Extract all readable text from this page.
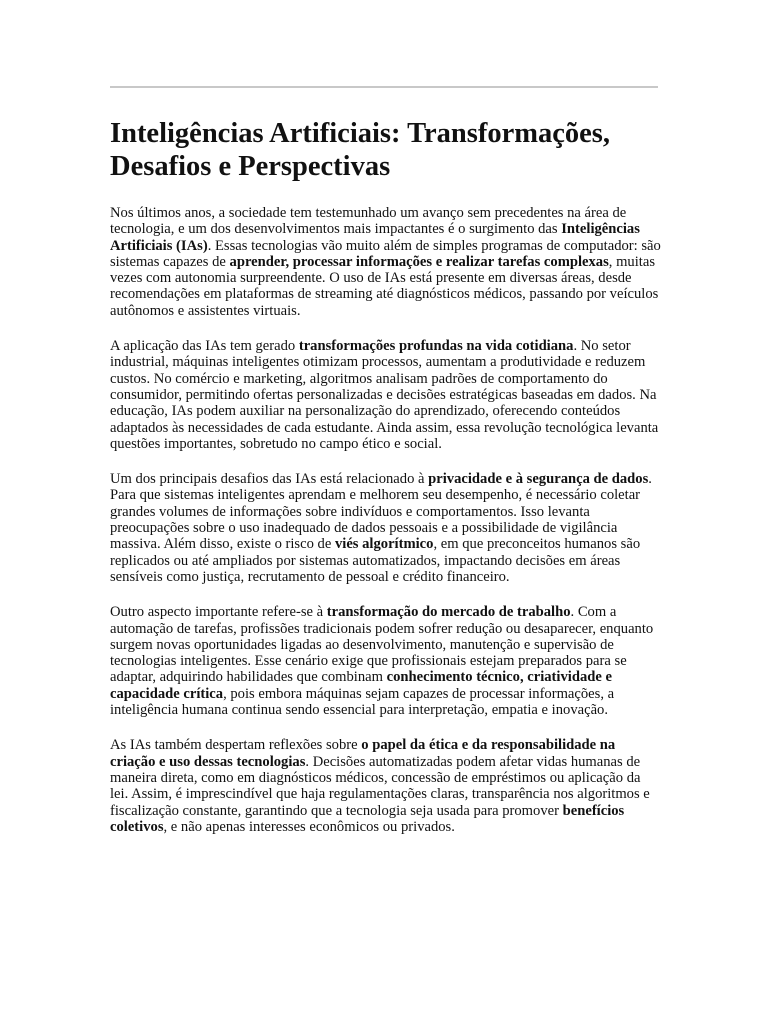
Inteligências Artificiais: Transformações, Desafios e Perspectivas

Nos últimos anos, a sociedade tem testemunhado um avanço sem precedentes na área de tecnologia, e um dos desenvolvimentos mais impactantes é o surgimento das Inteligências Artificiais (IAs). Essas tecnologias vão muito além de simples programas de computador: são sistemas capazes de aprender, processar informações e realizar tarefas complexas, muitas vezes com autonomia surpreendente. O uso de IAs está presente em diversas áreas, desde recomendações em plataformas de streaming até diagnósticos médicos, passando por veículos autônomos e assistentes virtuais.

A aplicação das IAs tem gerado transformações profundas na vida cotidiana. No setor industrial, máquinas inteligentes otimizam processos, aumentam a produtividade e reduzem custos. No comércio e marketing, algoritmos analisam padrões de comportamento do consumidor, permitindo ofertas personalizadas e decisões estratégicas baseadas em dados. Na educação, IAs podem auxiliar na personalização do aprendizado, oferecendo conteúdos adaptados às necessidades de cada estudante. Ainda assim, essa revolução tecnológica levanta questões importantes, sobretudo no campo ético e social.

Um dos principais desafios das IAs está relacionado à privacidade e à segurança de dados. Para que sistemas inteligentes aprendam e melhorem seu desempenho, é necessário coletar grandes volumes de informações sobre indivíduos e comportamentos. Isso levanta preocupações sobre o uso inadequado de dados pessoais e a possibilidade de vigilância massiva. Além disso, existe o risco de viés algorítmico, em que preconceitos humanos são replicados ou até ampliados por sistemas automatizados, impactando decisões em áreas sensíveis como justiça, recrutamento de pessoal e crédito financeiro.

Outro aspecto importante refere-se à transformação do mercado de trabalho. Com a automação de tarefas, profissões tradicionais podem sofrer redução ou desaparecer, enquanto surgem novas oportunidades ligadas ao desenvolvimento, manutenção e supervisão de tecnologias inteligentes. Esse cenário exige que profissionais estejam preparados para se adaptar, adquirindo habilidades que combinam conhecimento técnico, criatividade e capacidade crítica, pois embora máquinas sejam capazes de processar informações, a inteligência humana continua sendo essencial para interpretação, empatia e inovação.

As IAs também despertam reflexões sobre o papel da ética e da responsabilidade na criação e uso dessas tecnologias. Decisões automatizadas podem afetar vidas humanas de maneira direta, como em diagnósticos médicos, concessão de empréstimos ou aplicação da lei. Assim, é imprescindível que haja regulamentações claras, transparência nos algoritmos e fiscalização constante, garantindo que a tecnologia seja usada para promover benefícios coletivos, e não apenas interesses econômicos ou privados.
